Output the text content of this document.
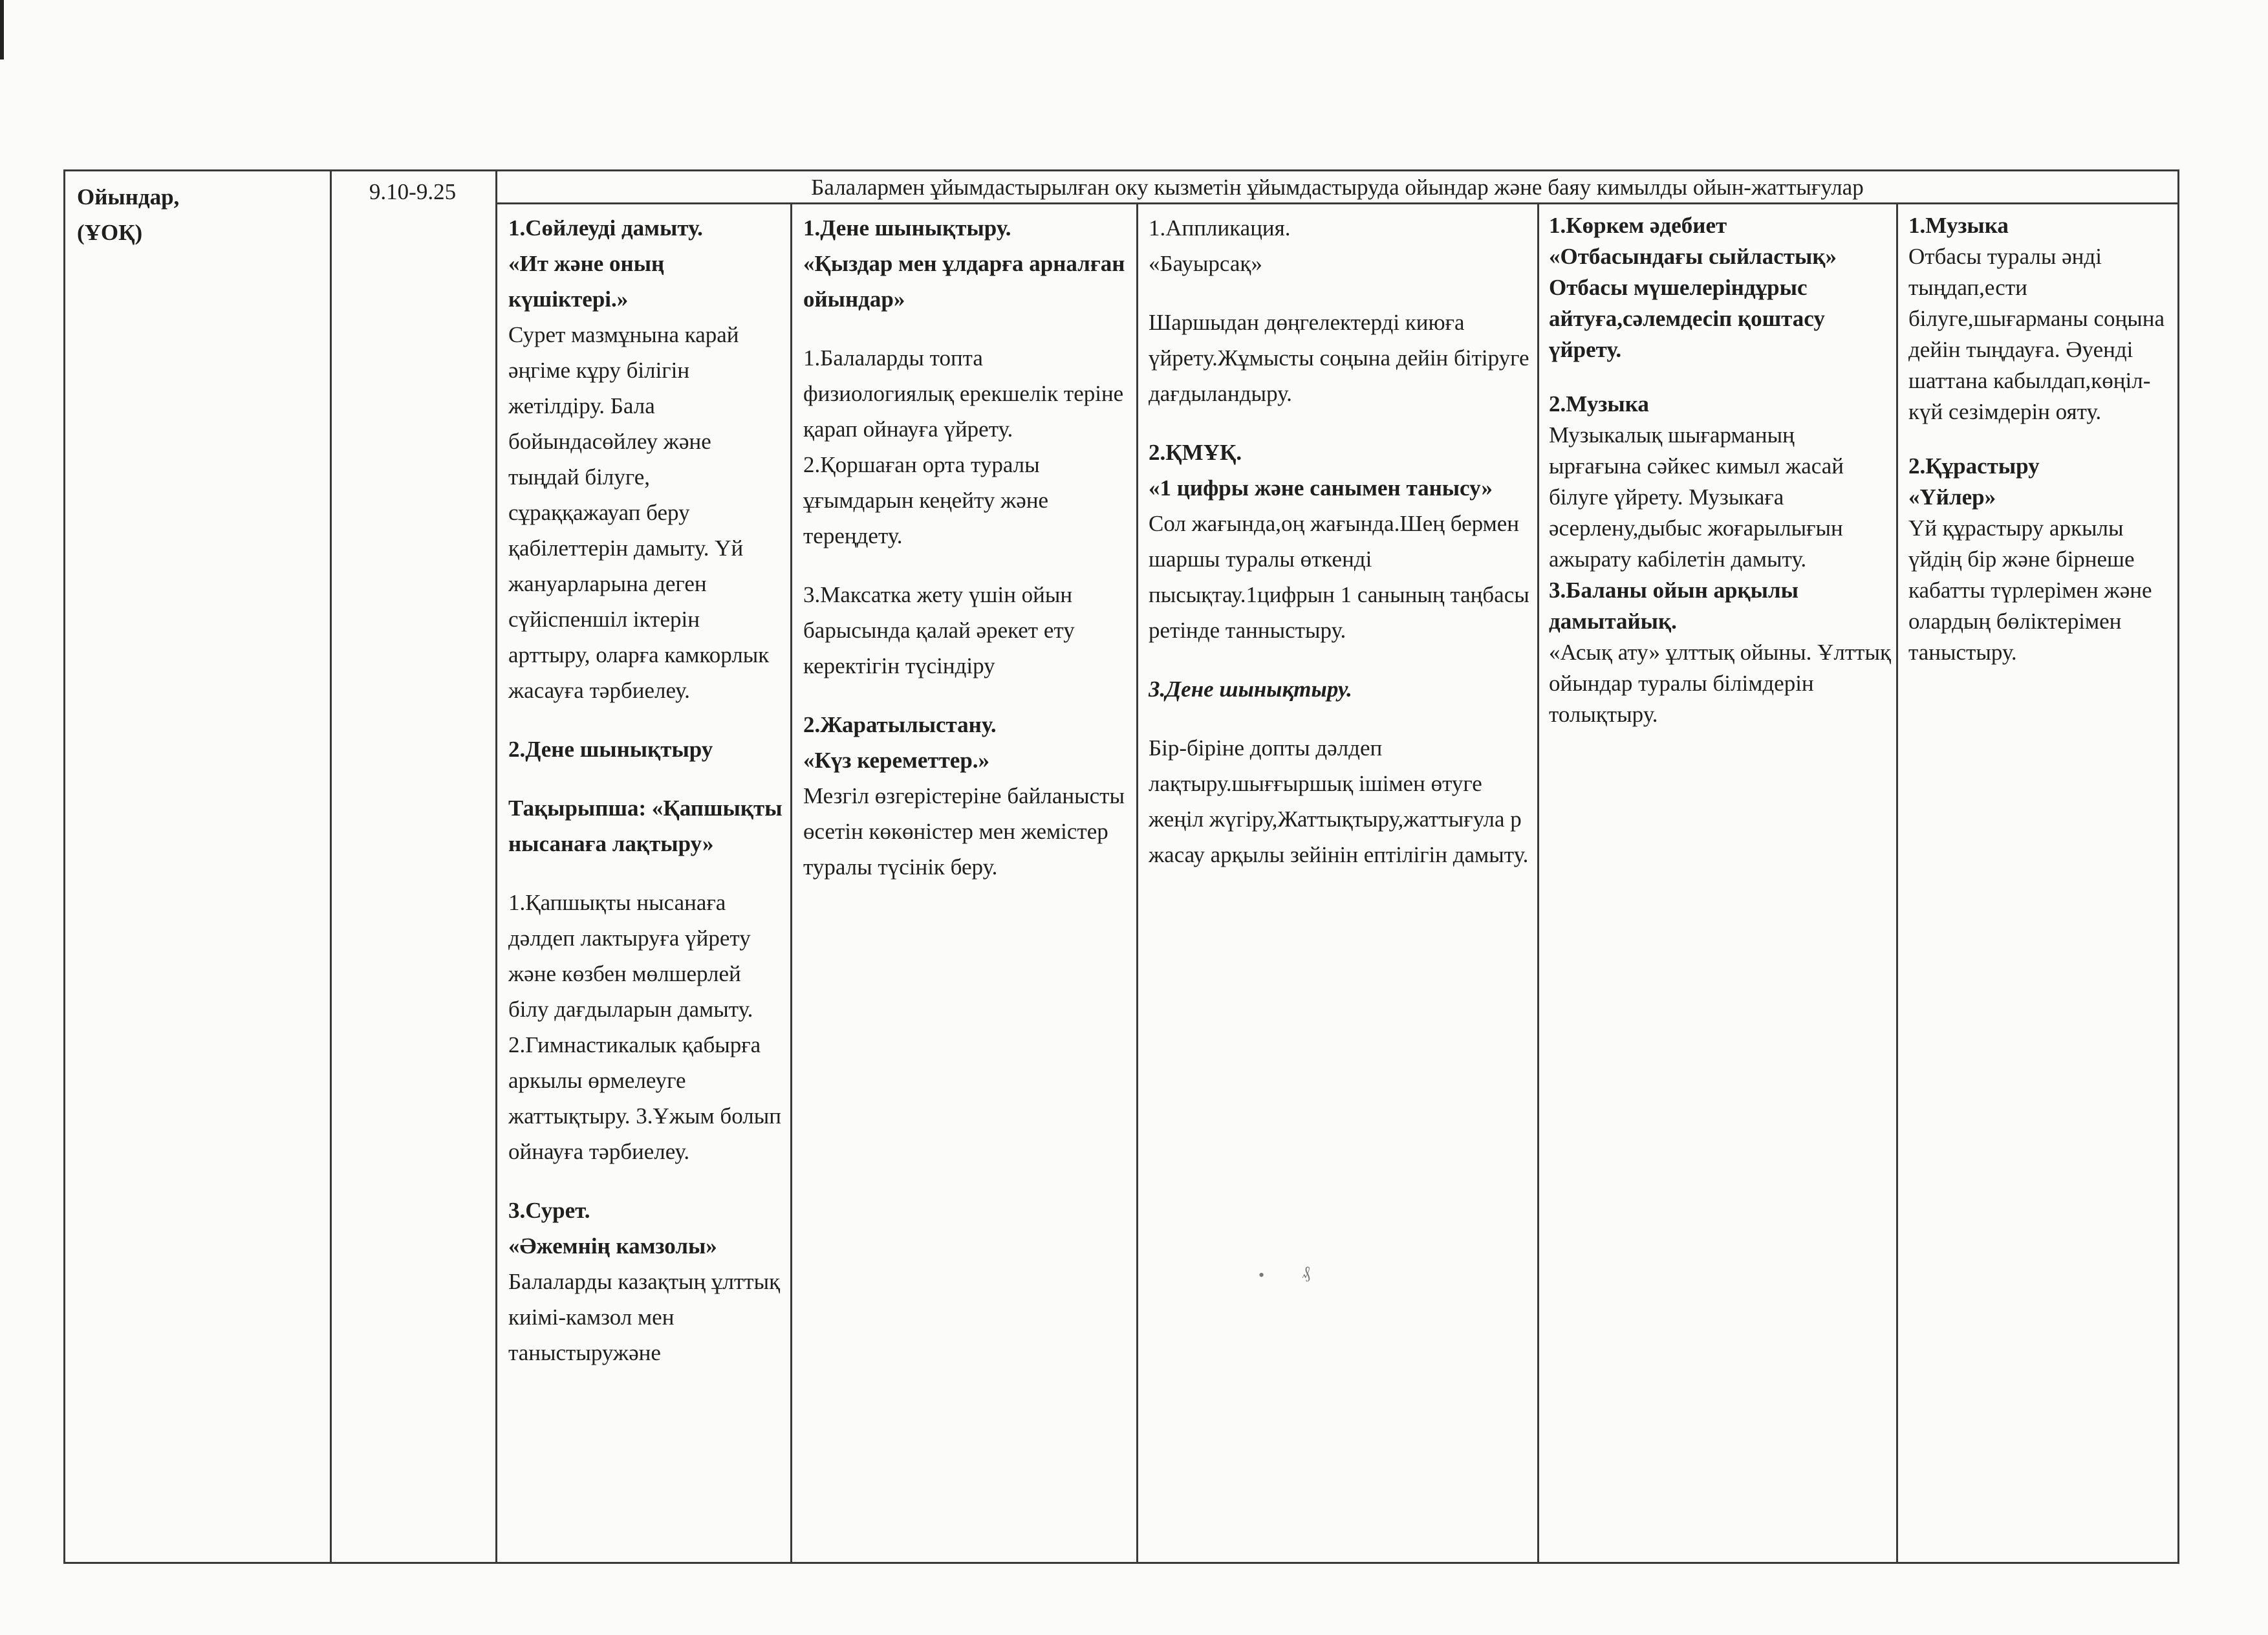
Ойындар,

(ҰОҚ)

9.10-9.25	Балалармен ұйымдастырылған оку кызметін ұйымдастыруда ойындар және баяу кимылды ойын-жаттығулар

1.Сөйлеуді дамыту.

«Ит және оның күшіктері.»

Сурет мазмұнына карай әңгіме кұру білігін жетілдіру. Бала бойындасөйлеу және тыңдай білуге, сұраққажауап беру қабілеттерін дамыту. Үй жануарларына деген сүйіспеншіл іктерін арттыру, оларға камкорлык жасауға тәрбиелеу.

2.Дене шынықтыру

Тақырыпша: «Қапшықты нысанаға лақтыру»

1.Қапшықты нысанаға дәлдеп лактыруға үйрету және көзбен мөлшерлей білу дағдыларын дамыту. 2.Гимнастикалык қабырға аркылы өрмелеуге жаттықтыру. 3.Ұжым болып ойнауға тәрбиелеу.

3.Сурет.

«Әжемнің камзолы»

Балаларды казақтың ұлттық киімі-камзол мен таныстыружәне

1.Дене шынықтыру.

«Қыздар мен ұлдарға арналған ойындар»

1.Балаларды топта физиологиялық ерекшелік теріне қарап ойнауға үйрету. 2.Қоршаған орта туралы ұғымдарын кеңейту және тереңдету.

3.Максатка жету үшін ойын барысында қалай әрекет ету керектігін түсіндіру

2.Жаратылыстану.

«Күз кереметтер.»

Мезгіл өзгерістеріне байланысты өсетін көкөністер мен жемістер туралы түсінік беру.

1.Аппликация.

«Бауырсақ»

Шаршыдан дөңгелектерді киюға үйрету.Жұмысты соңына дейін бітіруге дағдыландыру.

2.ҚМҰҚ.

«1 цифры және санымен танысу»

Сол жағында,оң жағында.Шең бермен шаршы туралы өткенді пысықтау.1цифрын 1 санының таңбасы ретінде танныстыру.

3.Дене шынықтыру.

Бір-біріне допты дәлдеп лақтыру.шығғыршық ішімен өтуге жеңіл жүгіру,Жаттықтыру,жаттығула р жасау арқылы зейінін ептілігін дамыту.

1.Көркем әдебиет

«Отбасындағы сыйластық»

Отбасы мүшелеріндұрыс айтуға,сәлемдесіп қоштасу үйрету.

2.Музыка

Музыкалық шығарманың ырғағына сәйкес кимыл жасай білуге үйрету. Музыкаға әсерлену,дыбыс жоғарылығын ажырату кабілетін дамыту.

3.Баланы ойын арқылы дамытайық.

«Асық ату» ұлттық ойыны. Ұлттық ойындар туралы білімдерін толықтыру.

1.Музыка

Отбасы туралы әнді тыңдап,ести білуге,шығарманы соңына дейін тыңдауға. Әуенді шаттана кабылдап,көңіл-күй сезімдерін ояту.

2.Құрастыру

«Үйлер»

Үй құрастыру аркылы үйдің бір және бірнеше кабатты түрлерімен және олардың бөліктерімен таныстыру.

• ₰
